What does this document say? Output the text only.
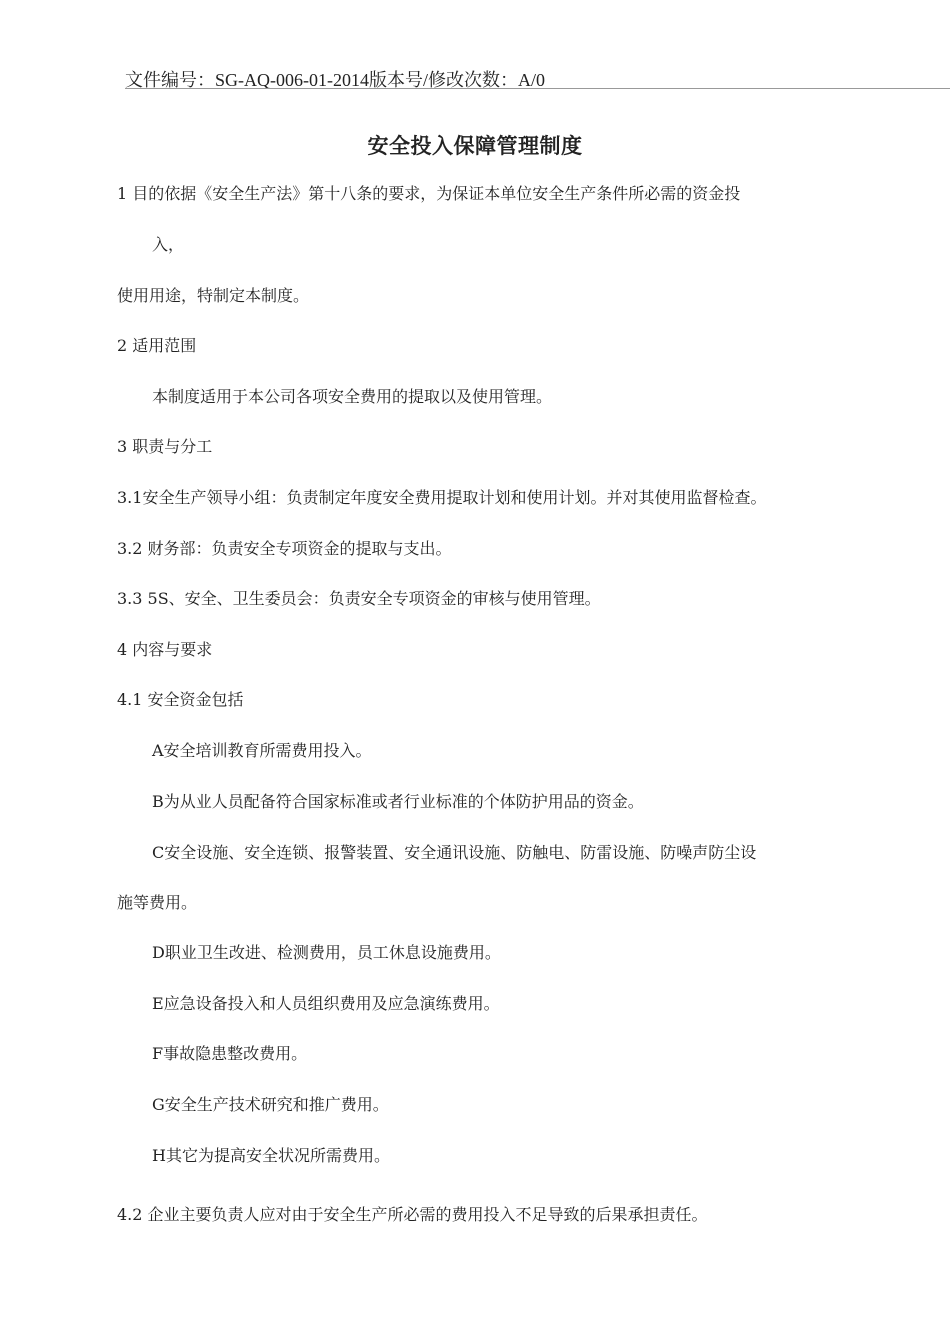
文件编号：SG-AQ-006-01-2014版本号/修改次数：A/0
安全投入保障管理制度
1 目的依据《安全生产法》第十八条的要求，为保证本单位安全生产条件所必需的资金投
入，
使用用途，特制定本制度。
2 适用范围
本制度适用于本公司各项安全费用的提取以及使用管理。
3 职责与分工
3.1安全生产领导小组：负责制定年度安全费用提取计划和使用计划。并对其使用监督检查。
3.2 财务部：负责安全专项资金的提取与支出。
3.3 5S、安全、卫生委员会：负责安全专项资金的审核与使用管理。
4 内容与要求
4.1 安全资金包括
A安全培训教育所需费用投入。
B为从业人员配备符合国家标准或者行业标准的个体防护用品的资金。
C安全设施、安全连锁、报警装置、安全通讯设施、防触电、防雷设施、防噪声防尘设
施等费用。
D职业卫生改进、检测费用，员工休息设施费用。
E应急设备投入和人员组织费用及应急演练费用。
F事故隐患整改费用。
G安全生产技术研究和推广费用。
H其它为提高安全状况所需费用。
4.2 企业主要负责人应对由于安全生产所必需的费用投入不足导致的后果承担责任。
